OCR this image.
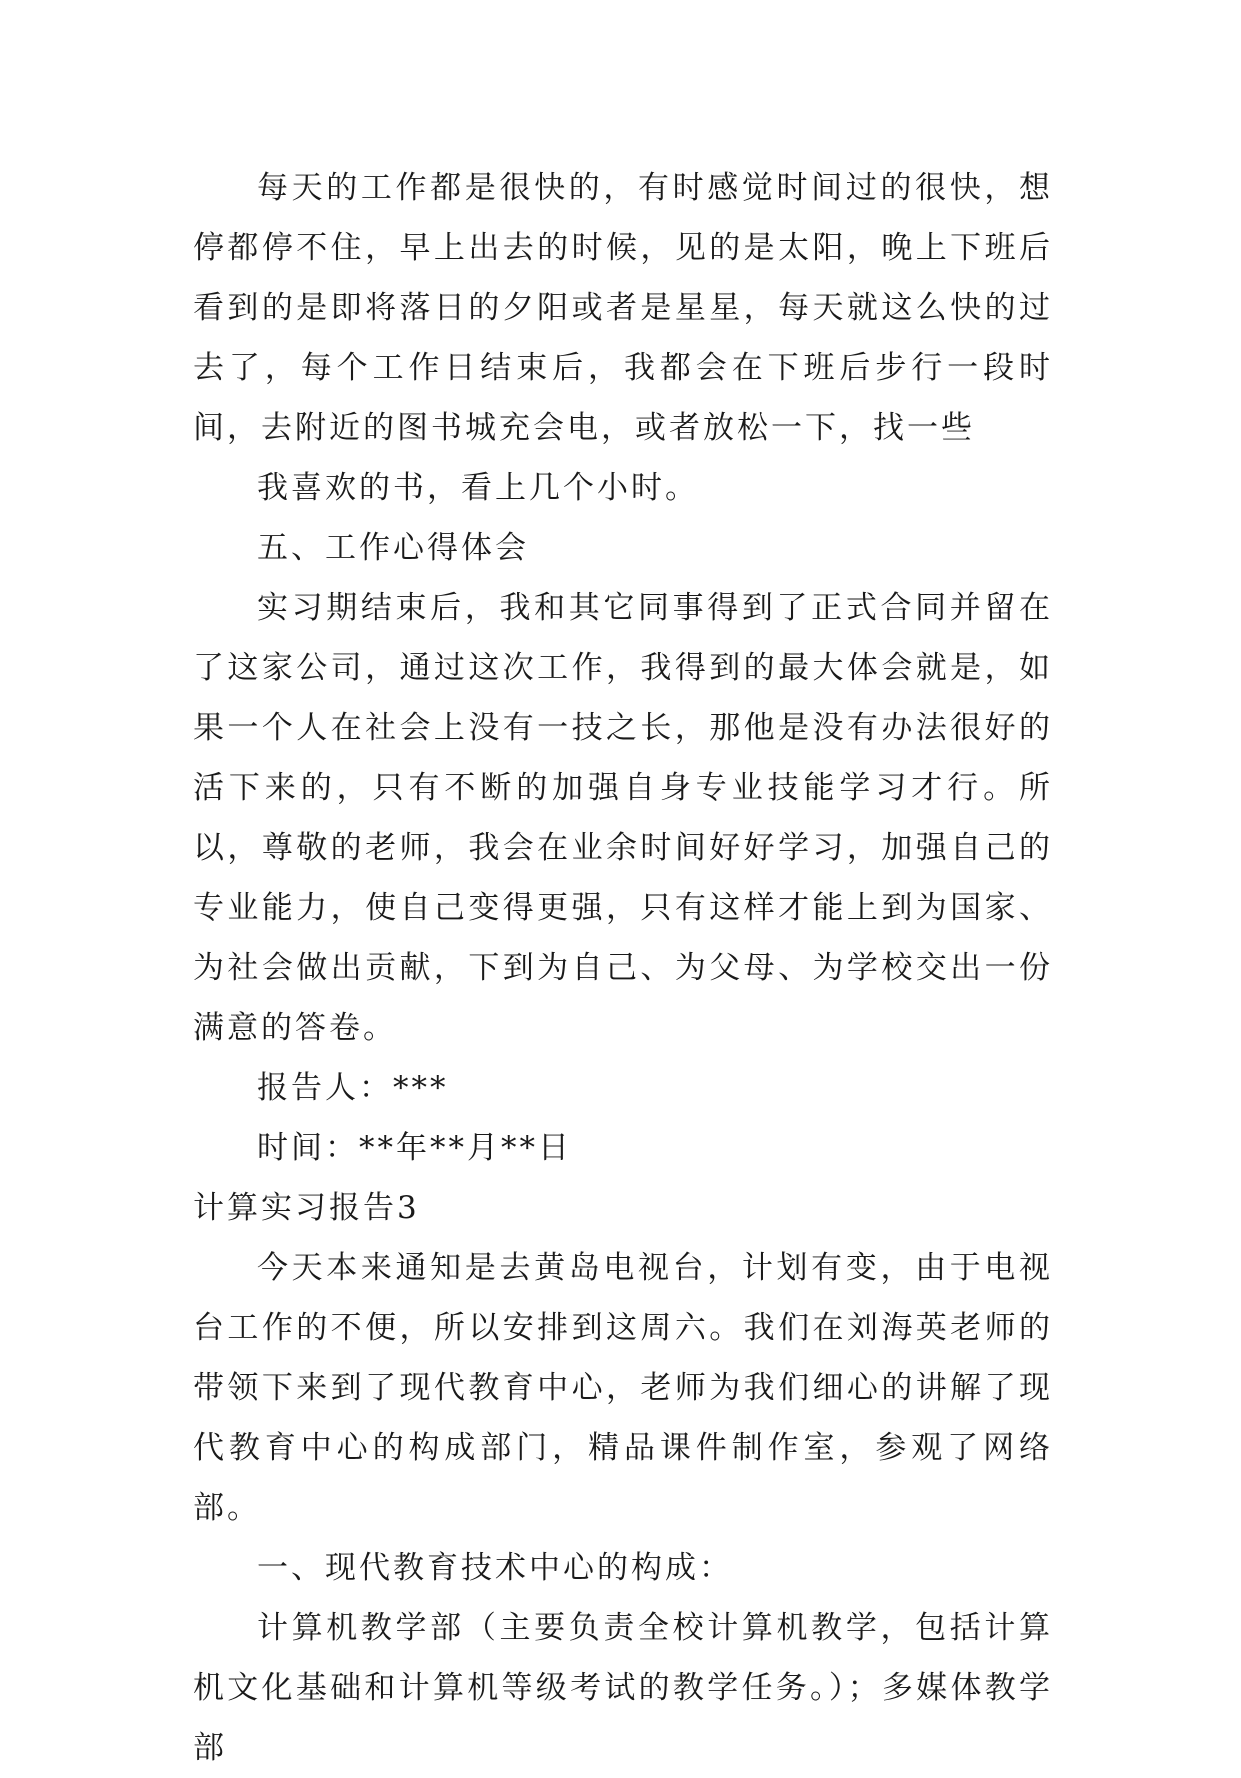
每天的工作都是很快的，有时感觉时间过的很快，想停都停不住，早上出去的时候，见的是太阳，晚上下班后看到的是即将落日的夕阳或者是星星，每天就这么快的过去了，每个工作日结束后，我都会在下班后步行一段时间，去附近的图书城充会电，或者放松一下，找一些

我喜欢的书，看上几个小时。

五、工作心得体会

实习期结束后，我和其它同事得到了正式合同并留在了这家公司，通过这次工作，我得到的最大体会就是，如果一个人在社会上没有一技之长，那他是没有办法很好的活下来的，只有不断的加强自身专业技能学习才行。所以，尊敬的老师，我会在业余时间好好学习，加强自己的专业能力，使自己变得更强，只有这样才能上到为国家、为社会做出贡献，下到为自己、为父母、为学校交出一份满意的答卷。

报告人：***

时间：**年**月**日

计算实习报告3

今天本来通知是去黄岛电视台，计划有变，由于电视台工作的不便，所以安排到这周六。我们在刘海英老师的带领下来到了现代教育中心，老师为我们细心的讲解了现代教育中心的构成部门，精品课件制作室，参观了网络部。

一、现代教育技术中心的构成：

计算机教学部（主要负责全校计算机教学，包括计算机文化基础和计算机等级考试的教学任务。）；多媒体教学部
